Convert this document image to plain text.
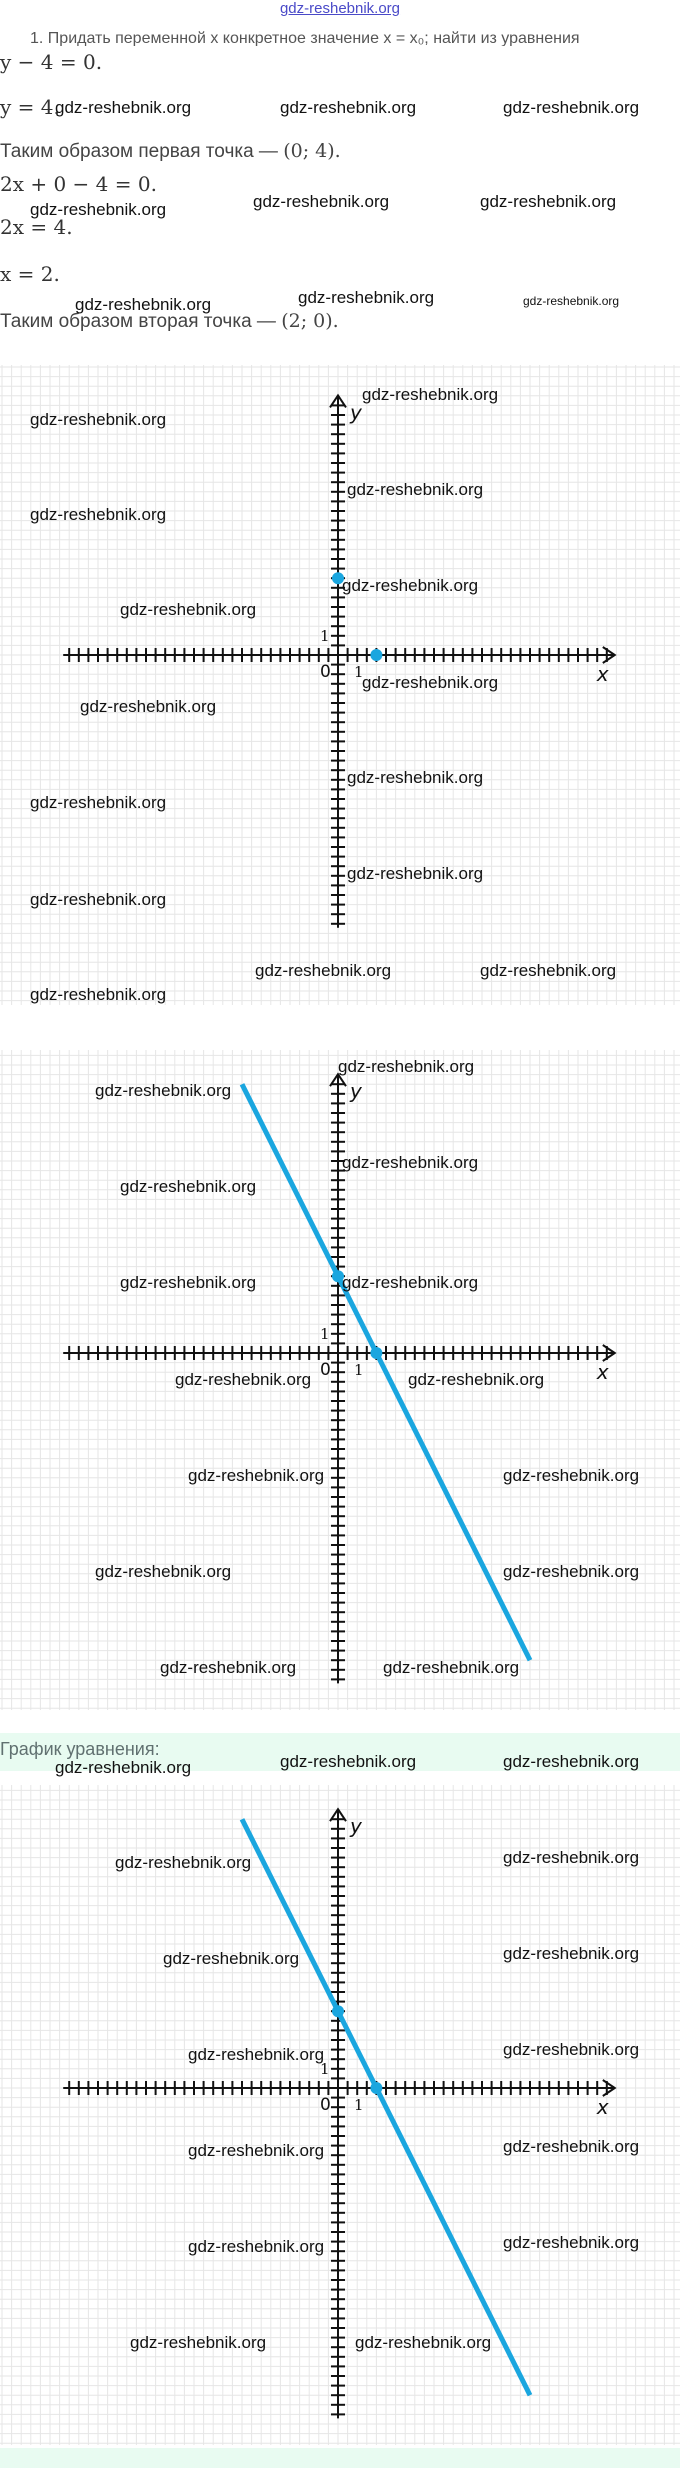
gdz-reshebnik.org
1. Придать переменной x конкретное значение x = x₀; найти из уравнения
y − 4 = 0.
y = 4.
Таким образом первая точка — (0; 4).
2x + 0 − 4 = 0.
2x = 4.
x = 2.
Таким образом вторая точка — (2; 0).
x
y
0 1
1
x
y
0 1
1
График уравнения:
x
y
0 1
1
gdz-reshebnik.org	gdz-reshebnik.org	gdz-reshebnik.org
gdz-reshebnik.org	gdz-reshebnik.org	gdz-reshebnik.org
gdz-reshebnik.org	gdz-reshebnik.org	gdz-reshebnik.org
gdz-reshebnik.org
gdz-reshebnik.org
gdz-reshebnik.org
gdz-reshebnik.org
gdz-reshebnik.org
gdz-reshebnik.org
gdz-reshebnik.org
gdz-reshebnik.org
gdz-reshebnik.org
gdz-reshebnik.org
gdz-reshebnik.org
gdz-reshebnik.org
gdz-reshebnik.org
gdz-reshebnik.org	gdz-reshebnik.org
gdz-reshebnik.org
gdz-reshebnik.org
gdz-reshebnik.org
gdz-reshebnik.org
gdz-reshebnik.org	gdz-reshebnik.org
gdz-reshebnik.org	gdz-reshebnik.org
gdz-reshebnik.org	gdz-reshebnik.org
gdz-reshebnik.org	gdz-reshebnik.org
gdz-reshebnik.org	gdz-reshebnik.org
gdz-reshebnik.org	gdz-reshebnik.org	gdz-reshebnik.org
gdz-reshebnik.org	gdz-reshebnik.org
gdz-reshebnik.org	gdz-reshebnik.org
gdz-reshebnik.org	gdz-reshebnik.org
gdz-reshebnik.org	gdz-reshebnik.org
gdz-reshebnik.org	gdz-reshebnik.org
gdz-reshebnik.org	gdz-reshebnik.org
